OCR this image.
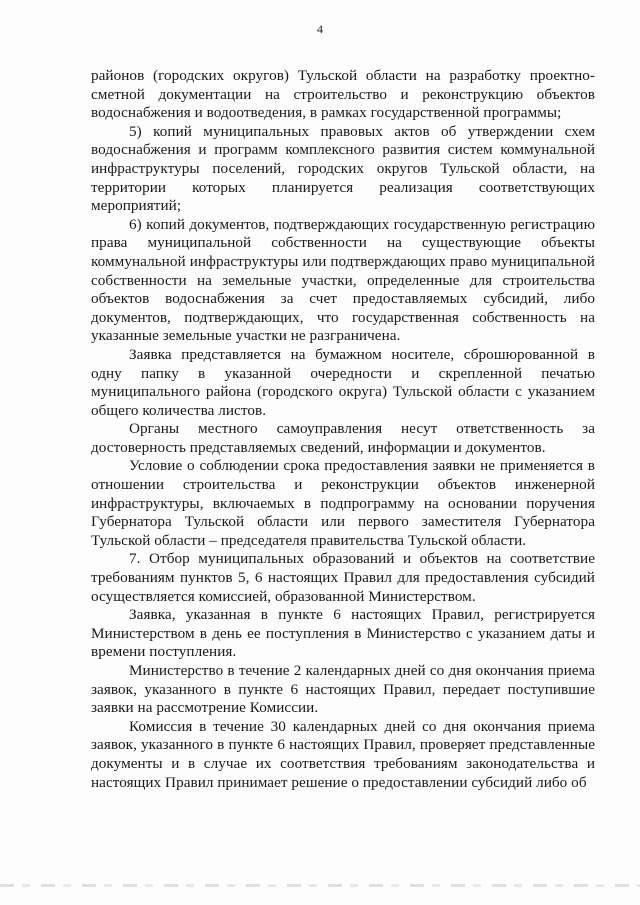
4

районов (городских округов) Тульской области на разработку проектно-сметной документации на строительство и реконструкцию объектов водоснабжения и водоотведения, в рамках государственной программы;

5) копий муниципальных правовых актов об утверждении схем водоснабжения и программ комплексного развития систем коммунальной инфраструктуры поселений, городских округов Тульской области, на территории которых планируется реализация соответствующих мероприятий;

6) копий документов, подтверждающих государственную регистрацию права муниципальной собственности на существующие объекты коммунальной инфраструктуры или подтверждающих право муниципальной собственности на земельные участки, определенные для строительства объектов водоснабжения за счет предоставляемых субсидий, либо документов, подтверждающих, что государственная собственность на указанные земельные участки не разграничена.

Заявка представляется на бумажном носителе, сброшюрованной в одну папку в указанной очередности и скрепленной печатью муниципального района (городского округа) Тульской области с указанием общего количества листов.

Органы местного самоуправления несут ответственность за достоверность представляемых сведений, информации и документов.

Условие о соблюдении срока предоставления заявки не применяется в отношении строительства и реконструкции объектов инженерной инфраструктуры, включаемых в подпрограмму на основании поручения Губернатора Тульской области или первого заместителя Губернатора Тульской области – председателя правительства Тульской области.

7. Отбор муниципальных образований и объектов на соответствие требованиям пунктов 5, 6 настоящих Правил для предоставления субсидий осуществляется комиссией, образованной Министерством.

Заявка, указанная в пункте 6 настоящих Правил, регистрируется Министерством в день ее поступления в Министерство с указанием даты и времени поступления.

Министерство в течение 2 календарных дней со дня окончания приема заявок, указанного в пункте 6 настоящих Правил, передает поступившие заявки на рассмотрение Комиссии.

Комиссия в течение 30 календарных дней со дня окончания приема заявок, указанного в пункте 6 настоящих Правил, проверяет представленные документы и в случае их соответствия требованиям законодательства и настоящих Правил принимает решение о предоставлении субсидий либо об
